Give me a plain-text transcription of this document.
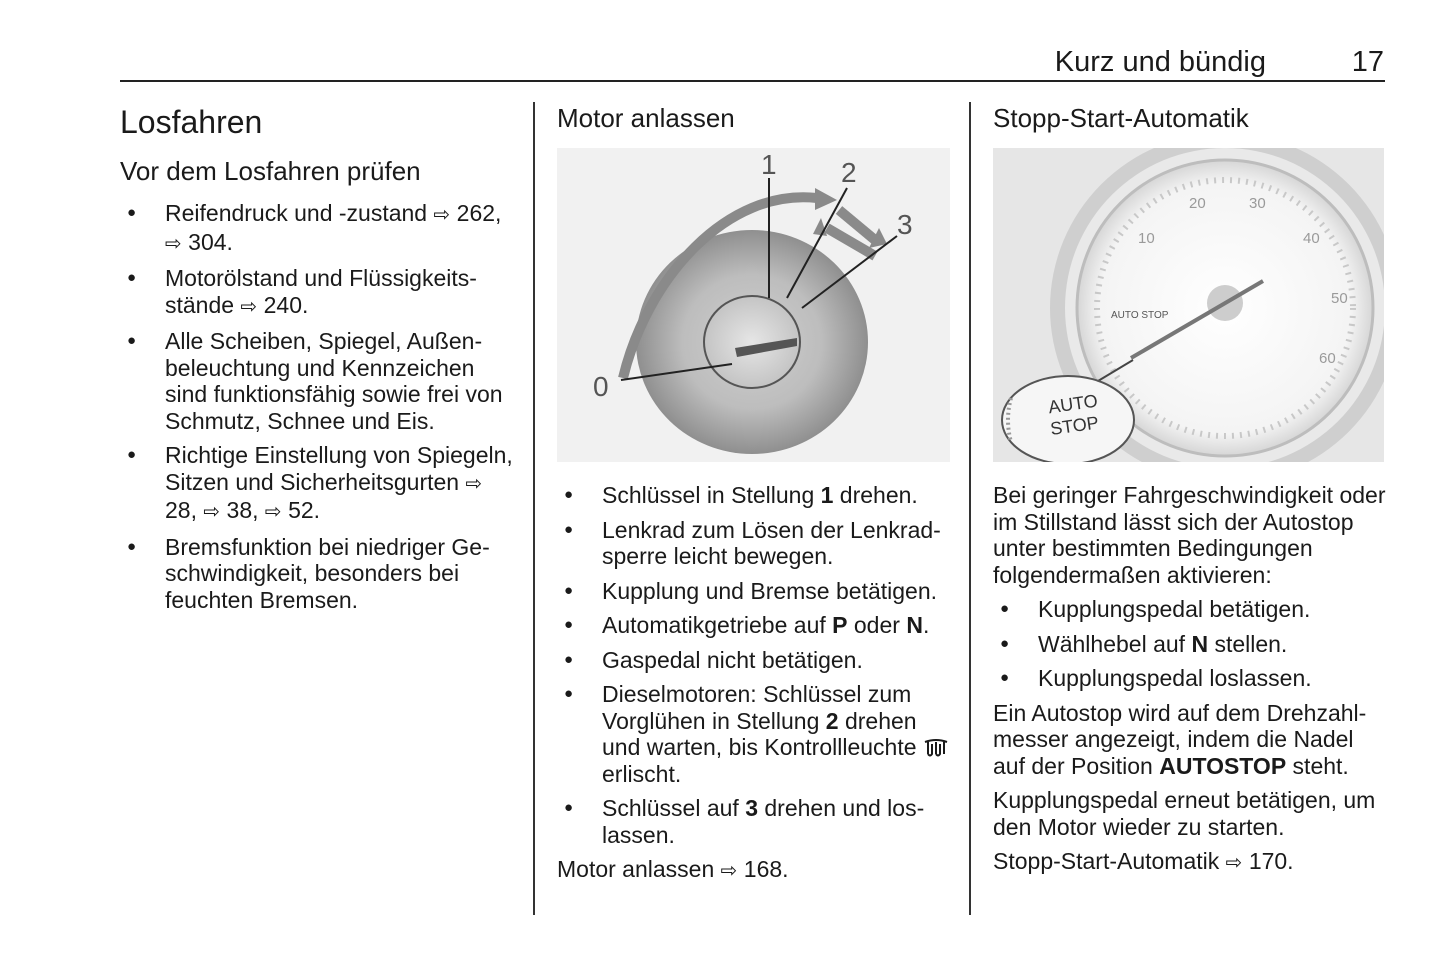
Kurz und bündig	17
Losfahren
Vor dem Losfahren prüfen
● Reifendruck und -zustand ⇨ 262,
⇨ 304.
● Motorölstand und Flüssigkeitsstände ⇨ 240.
● Alle Scheiben, Spiegel, Außenbeleuchtung und Kennzeichen sind funktionsfähig sowie frei von Schmutz, Schnee und Eis.
● Richtige Einstellung von Spiegeln, Sitzen und Sicherheitsgurten ⇨ 28, ⇨ 38, ⇨ 52.
● Bremsfunktion bei niedriger Geschwindigkeit, besonders bei feuchten Bremsen.
Motor anlassen
0
1 2
3
● Schlüssel in Stellung 1 drehen.
● Lenkrad zum Lösen der Lenkradsperre leicht bewegen.
● Kupplung und Bremse betätigen.
● Automatikgetriebe auf P oder N.
● Gaspedal nicht betätigen.
● Dieselmotoren: Schlüssel zum Vorglühen in Stellung 2 drehen und warten, bis Kontrollleuchte  erlischt.
● Schlüssel auf 3 drehen und loslassen.

Motor anlassen ⇨ 168.

Stopp-Start-Automatik
10
20	30
40
50
60
AUTO STOP
AUTO
STOP

Bei geringer Fahrgeschwindigkeit oder im Stillstand lässt sich der Autostop unter bestimmten Bedingungen folgendermaßen aktivieren:

● Kupplungspedal betätigen.
● Wählhebel auf N stellen.
● Kupplungspedal loslassen.

Ein Autostop wird auf dem Drehzahlmesser angezeigt, indem die Nadel auf der Position AUTOSTOP steht.

Kupplungspedal erneut betätigen, um den Motor wieder zu starten.

Stopp-Start-Automatik ⇨ 170.
